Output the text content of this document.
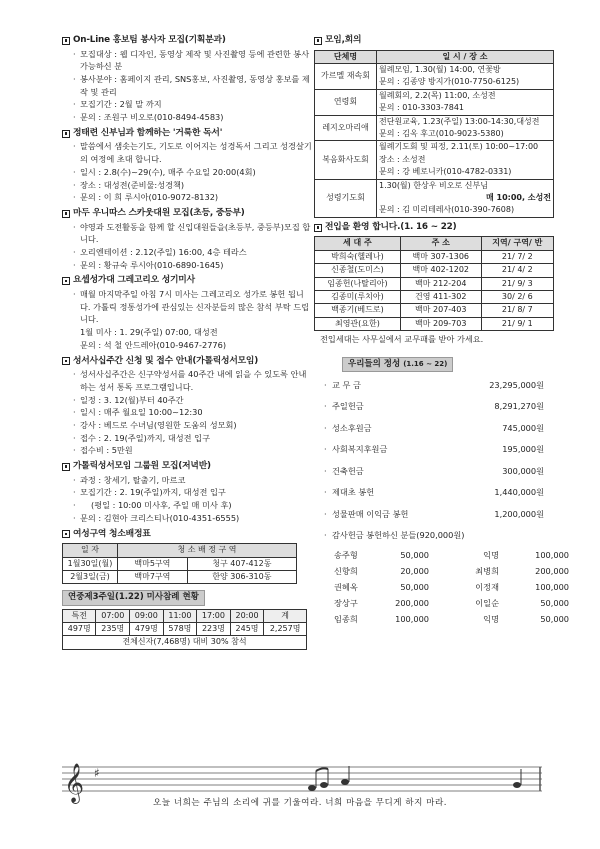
On-Line 홍보팀 봉사자 모집(기획분과)
· 모집대상 : 웹 디자인, 동영상 제작 및 사진촬영 등에 관련한 봉사 가능하신 분
· 봉사분야 : 홈페이지 관리, SNS홍보, 사진촬영, 동영상 홍보를 제작 및 관리
· 모집기간 : 2월 말 까지
· 문의 : 조원구 비오로(010-8494-4583)
정태련 신부님과 함께하는 '거룩한 독서'
· 말씀에서 샘솟는기도, 기도로 이어지는 성경독서 그리고 성경살기의 여정에 초대 합니다.
· 일시 : 2.8(수)~29(수), 매주 수요일 20:00(4회)
· 장소 : 대성전(준비물:성경책)
· 문의 : 이 희 루시아(010-9072-8132)
마두 우니따스 스카웃대원 모집(초등, 중등부)
· 야영과 도전활동을 함께 할 신입대원들을(초등부, 중등부)모집 합니다.
· 오리엔테이션 : 2.12(주일) 16:00, 4층 테라스
· 문의 : 황규숙 루시아(010-6890-1645)
요셉성가대 그레고리오 성기미사
· 매월 마지막주일 아침 7시 미사는 그레고리오 성가로 봉헌 됩니다. 가톨릭 정통성가에 관심있는 신자분들의 많은 참석 부탁 드립니다.
1월 미사 : 1. 29(주일) 07:00, 대성전
문의 : 석 철 안드레아(010-9467-2776)
성서사십주간 신청 및 접수 안내(가톨릭성서모임)
· 성서사십주간은 신구약성서를 40주간 내에 읽을 수 있도록 안내하는 성서 통독 프로그램입니다.
· 일정 : 3. 12(월)부터 40주간
· 일시 : 매주 월요일 10:00~12:30
· 강사 : 베드로 수녀님(영원한 도움의 성모회)
· 접수 : 2. 19(주일)까지, 대성전 입구
· 접수비 : 5만원
가톨릭성서모임 그룹원 모집(저녁반)
· 과정 : 창세기, 탈출기, 마르코
· 모집기간 : 2. 19(주일)까지, 대성전 입구
· (평일 : 10:00 미사후, 주일 매 미사 후)
· 문의 : 김현아 크리스티나(010-4351-6555)
여성구역 청소배정표
일 자	청 소 배 정 구 역	
1월30일(월)	백마5구역	청구 407-412동
2월3일(금)	백마7구역	한양 306-310동
연중제3주일(1.22) 미사참례 현황
특전	07:00	09:00	11:00	17:00	20:00	계
497명	235명	479명	578명	223명	245명	2,257명
전체신자(7,468명) 대비 30% 참석						
모임,회의
단체명	일 시 / 장 소
가르멜 재속회	월례모임, 1.30(월) 14:00, 연꽃방
문의 : 김종양 방지가(010-7750-6125)

연령회	월례회의, 2.2(목) 11:00, 소성전
문의 : 010-3303-7841

레지오마리애	전단원교육, 1.23(주일) 13:00-14:30,대성전
문의 : 김옥 후고(010-9023-5380)

복음화사도회	월례기도회 및 피정, 2.11(토) 10:00~17:00
장소 : 소성전
문의 : 강 베로니카(010-4782-0331)

성령기도회	1.30(월) 한상우 비오로 신부님
매 10:00, 소성전
문의 : 김 미리테레사(010-390-7608)
전입을 환영 합니다.(1. 16 ~ 22)
세 대 주	주 소	지역/ 구역/ 반
박희숙(헬레나)	백마 307-1306	21/ 7/ 2
신종철(도미스)	백마 402-1202	21/ 4/ 2
임종헌(나탈리아)	백마 212-204	21/ 9/ 3
김종미(루치아)	건영 411-302	30/ 2/ 6
백종기(베드로)	백마 207-403	21/ 8/ 7
최영관(요한)	백마 209-703	21/ 9/ 1
전입세대는 사무실에서 교무패를 받아 가세요.
우리들의 정성 (1.16 ~ 22)
· 교 무 금	23,295,000원
· 주일헌금	8,291,270원
· 성소후원금	745,000원
· 사회복지후원금	195,000원
· 건축헌금	300,000원
· 제대초 봉헌	1,440,000원
· 성물판매 이익금 봉헌	1,200,000원
· 감사헌금 봉헌하신 분들(920,000원)
송주형	50,000	익명	100,000
신향희	20,000	최병희	200,000
권혜옥	50,000	이정재	100,000
장상구	200,000	이일순	50,000
임종희	100,000	익명	50,000
𝄞 ♯
오늘 너희는 주님의 소리에 귀를 기울여라. 너희 마음을 무디게 하지 마라.
